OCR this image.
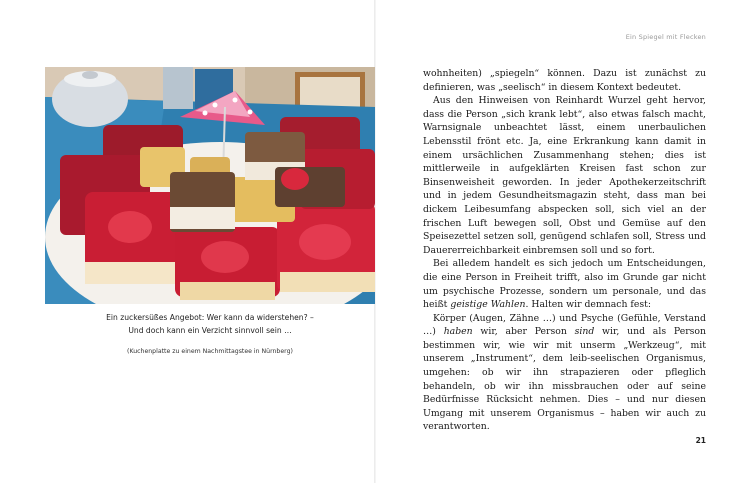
Ein Spiegel mit Flecken
Ein zuckersüßes Angebot: Wer kann da widerstehen? –
Und doch kann ein Verzicht sinnvoll sein …
(Kuchenplatte zu einem Nachmittagstee in Nürnberg)

wohnheiten) „spiegeln“ können. Dazu ist zunächst zu definieren, was „seelisch“ in diesem Kontext bedeutet.

Aus den Hinweisen von Reinhardt Wurzel geht hervor, dass die Person „sich krank lebt“, also etwas falsch macht, Warnsignale unbeachtet lässt, einem unerbaulichen Lebensstil frönt etc. Ja, eine Erkrankung kann damit in einem ursächlichen Zusammenhang stehen; dies ist mittlerweile in aufgeklärten Kreisen fast schon zur Binsenweisheit geworden. In jeder Apothekerzeitschrift und in jedem Gesundheitsmagazin steht, dass man bei dickem Leibesumfang abspecken soll, sich viel an der frischen Luft bewegen soll, Obst und Gemüse auf den Speisezettel setzen soll, genügend schlafen soll, Stress und Dauererreichbarkeit einbremsen soll und so fort.

Bei alledem handelt es sich jedoch um Entscheidungen, die eine Person in Freiheit trifft, also im Grunde gar nicht um psychische Prozesse, sondern um personale, und das heißt geistige Wahlen. Halten wir demnach fest:

Körper (Augen, Zähne …) und Psyche (Gefühle, Verstand …) haben wir, aber Person sind wir, und als Person bestimmen wir, wie wir mit unserm „Werkzeug“, mit unserem „Instrument“, dem leib-seelischen Organismus, umgehen: ob wir ihn strapazieren oder pfleglich behandeln, ob wir ihn missbrauchen oder auf seine Bedürfnisse Rücksicht nehmen. Dies – und nur diesen Umgang mit unserem Organismus – haben wir auch zu verantworten.

21
